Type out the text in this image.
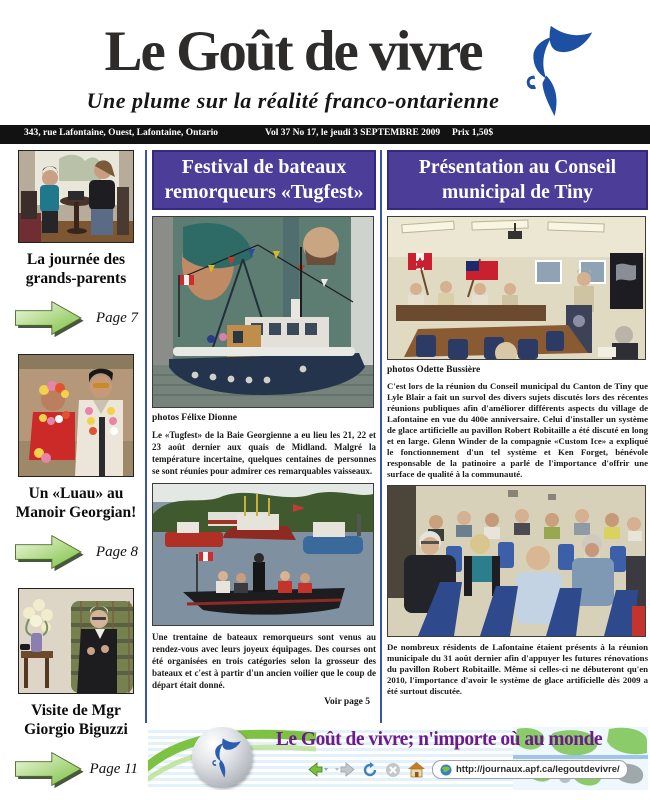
Le Goût de vivre
Une plume sur la réalité franco-ontarienne
343, rue Lafontaine, Ouest, Lafontaine, Ontario	Vol 37 No 17, le jeudi 3 SEPTEMBRE 2009 Prix 1,50$
La journée des grands-parents
Page 7
Un «Luau» au Manoir Georgian!
Page 8
Visite de Mgr Giorgio Biguzzi
Page 11
Festival de bateaux remorqueurs «Tugfest»
photos Félixe Dionne
Le «Tugfest» de la Baie Georgienne a eu lieu les 21, 22 et 23 août dernier aux quais de Midland. Malgré la température incertaine, quelques centaines de personnes se sont réunies pour admirer ces remarquables vaisseaux.
Une trentaine de bateaux remorqueurs sont venus au rendez-vous avec leurs joyeux équipages. Des courses ont été organisées en trois catégories selon la grosseur des bateaux et c'est à partir d'un ancien voilier que le coup de départ était donné.
Voir page 5
Présentation au Conseil municipal de Tiny
photos Odette Bussière
C'est lors de la réunion du Conseil municipal du Canton de Tiny que Lyle Blair a fait un survol des divers sujets discutés lors des récentes réunions publiques afin d'améliorer différents aspects du village de Lafontaine en vue du 400e anniversaire. Celui d'installer un système de glace artificielle au pavillon Robert Robitaille a été discuté en long et en large. Glenn Winder de la compagnie «Custom Ice» a expliqué le fonctionnement d'un tel système et Ken Forget, bénévole responsable de la patinoire a parlé de l'importance d'offrir une surface de qualité à la communauté.
De nombreux résidents de Lafontaine étaient présents à la réunion municipale du 31 août dernier afin d'appuyer les futures rénovations du pavillon Robert Robitaille. Même si celles-ci ne débuteront qu'en 2010, l'importance d'avoir le système de glace artificielle dès 2009 a été surtout discutée.
Le Goût de vivre; n'importe où au monde
http://journaux.apf.ca/legoutdevivre/
